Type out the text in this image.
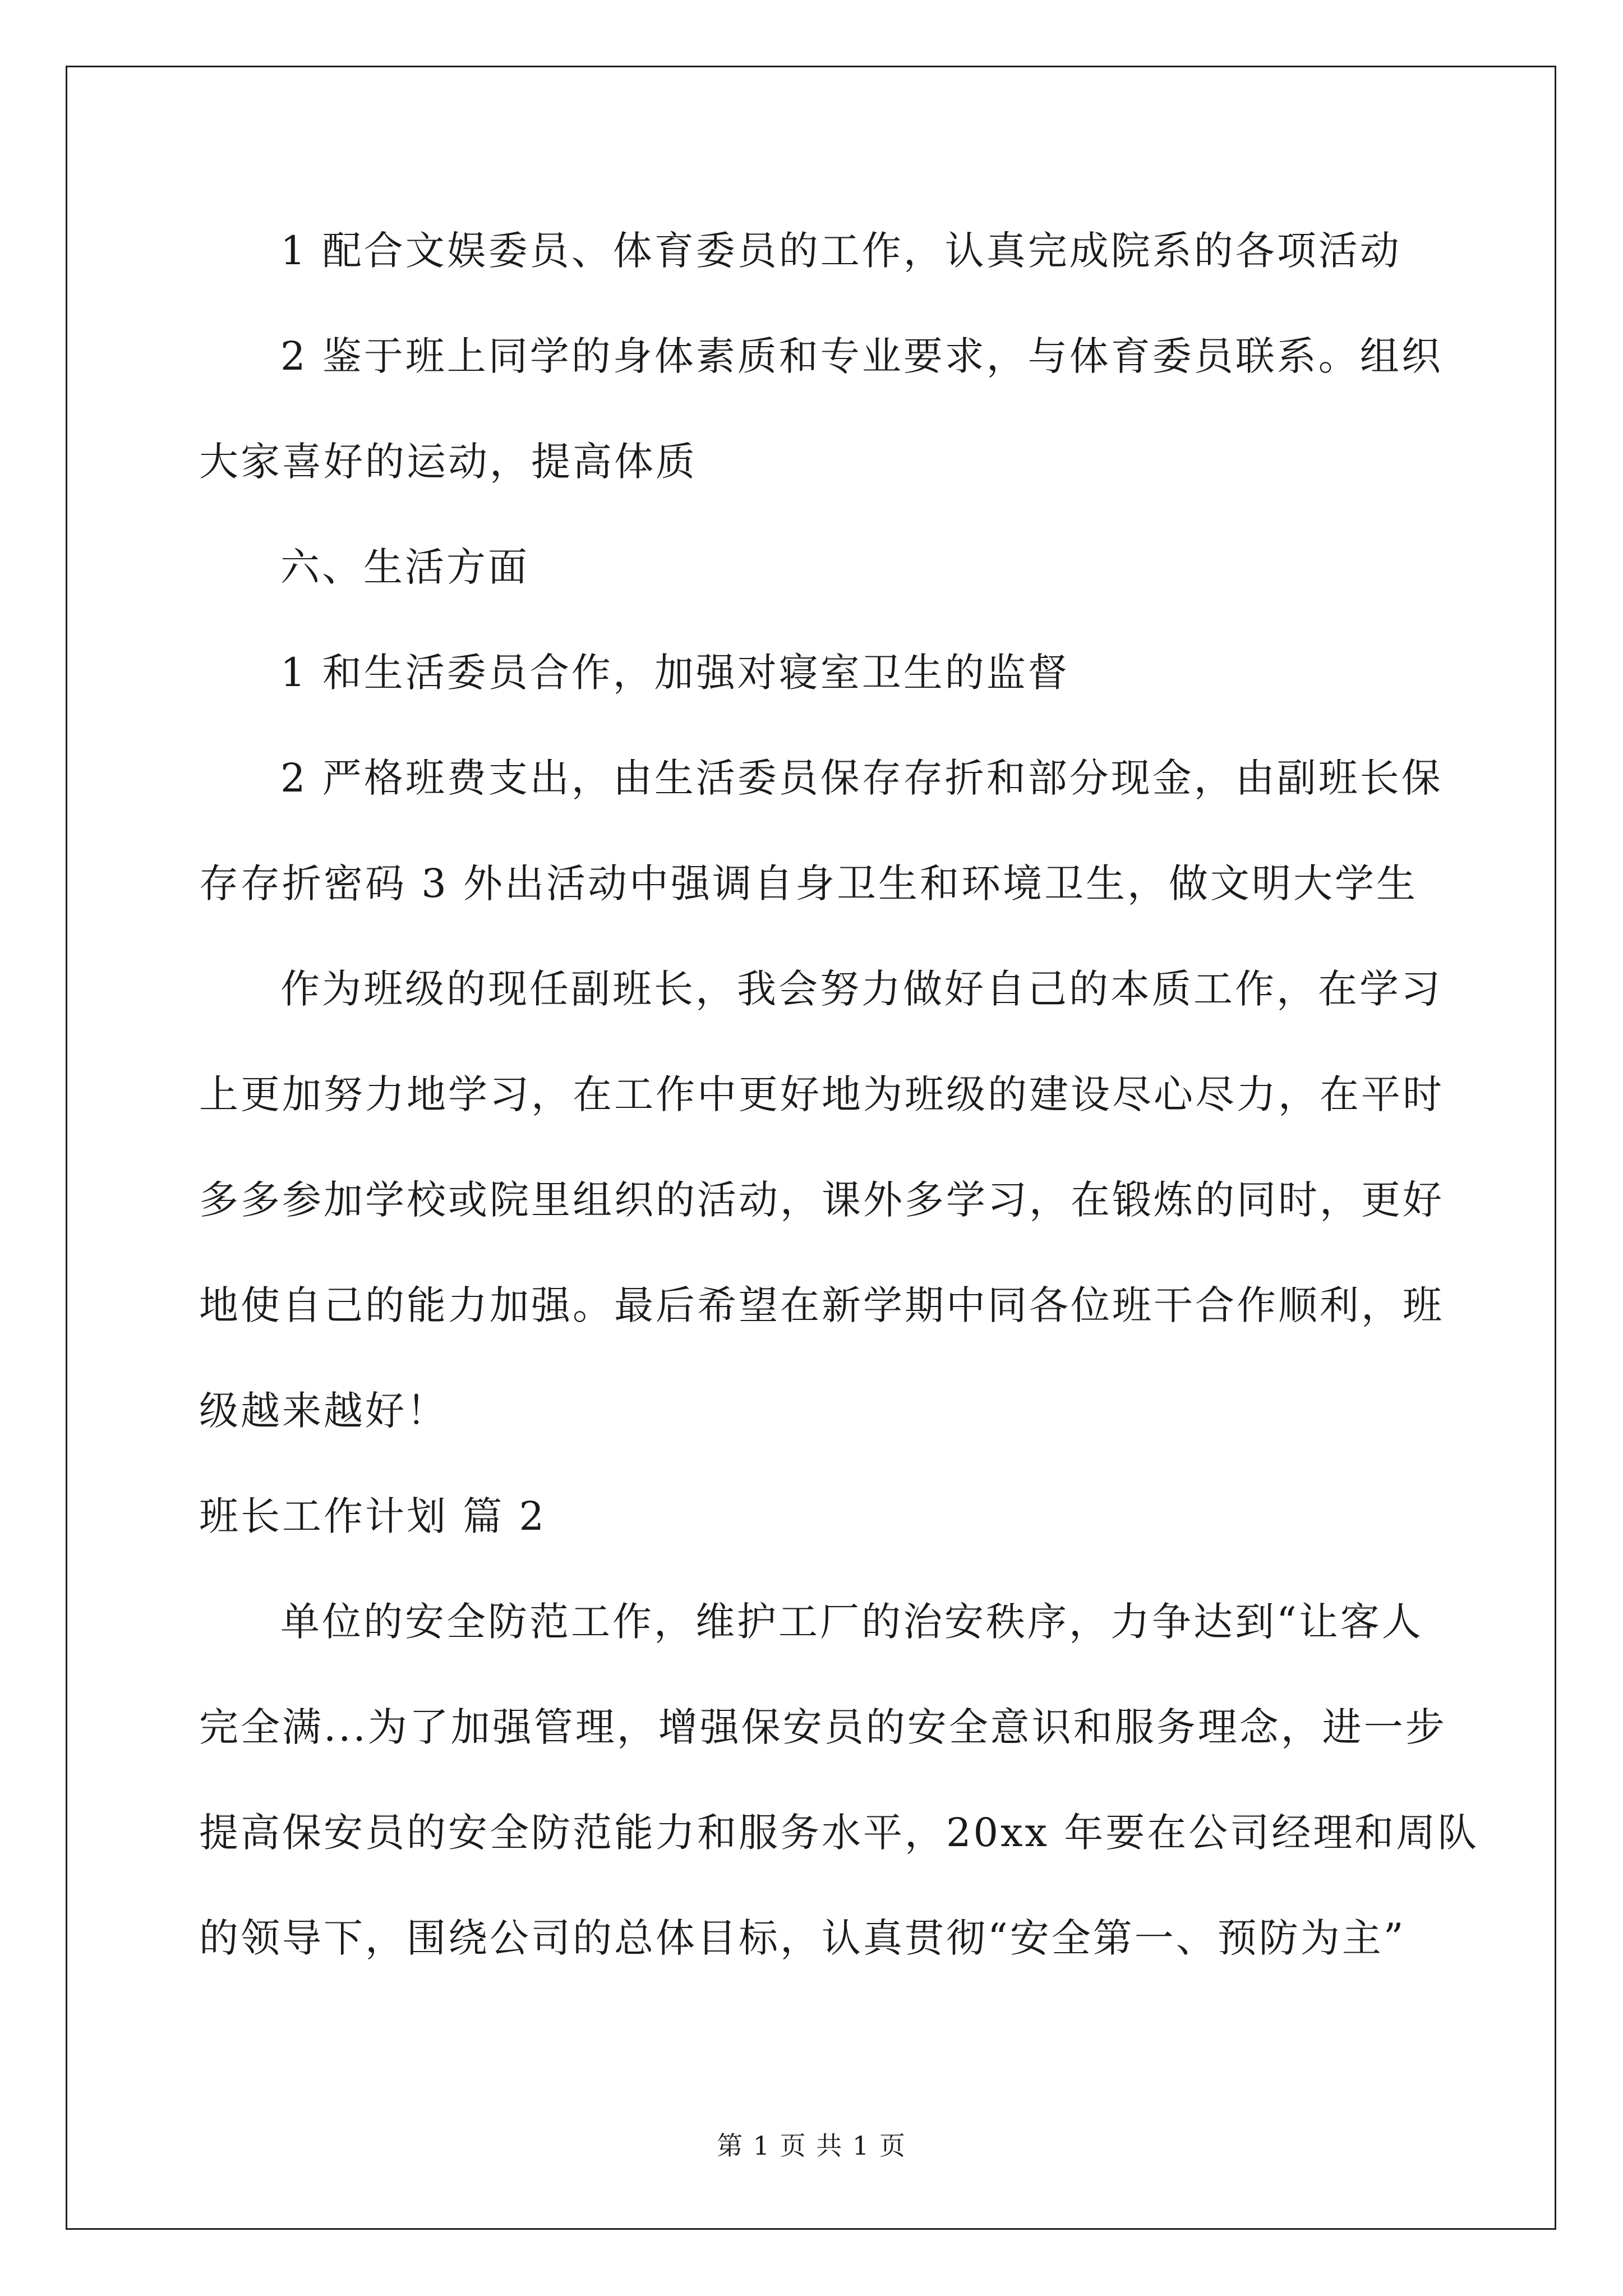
1 配合文娱委员、体育委员的工作，认真完成院系的各项活动
2 鉴于班上同学的身体素质和专业要求，与体育委员联系。组织
大家喜好的运动，提高体质
六、生活方面
1 和生活委员合作，加强对寝室卫生的监督
2 严格班费支出，由生活委员保存存折和部分现金，由副班长保
存存折密码 3 外出活动中强调自身卫生和环境卫生，做文明大学生
作为班级的现任副班长，我会努力做好自己的本质工作，在学习
上更加努力地学习，在工作中更好地为班级的建设尽心尽力，在平时
多多参加学校或院里组织的活动，课外多学习，在锻炼的同时，更好
地使自己的能力加强。最后希望在新学期中同各位班干合作顺利，班
级越来越好！
班长工作计划 篇 2
单位的安全防范工作，维护工厂的治安秩序，力争达到“让客人
完全满...为了加强管理，增强保安员的安全意识和服务理念，进一步
提高保安员的安全防范能力和服务水平，20xx 年要在公司经理和周队
的领导下，围绕公司的总体目标，认真贯彻“安全第一、预防为主”
第 1 页 共 1 页
